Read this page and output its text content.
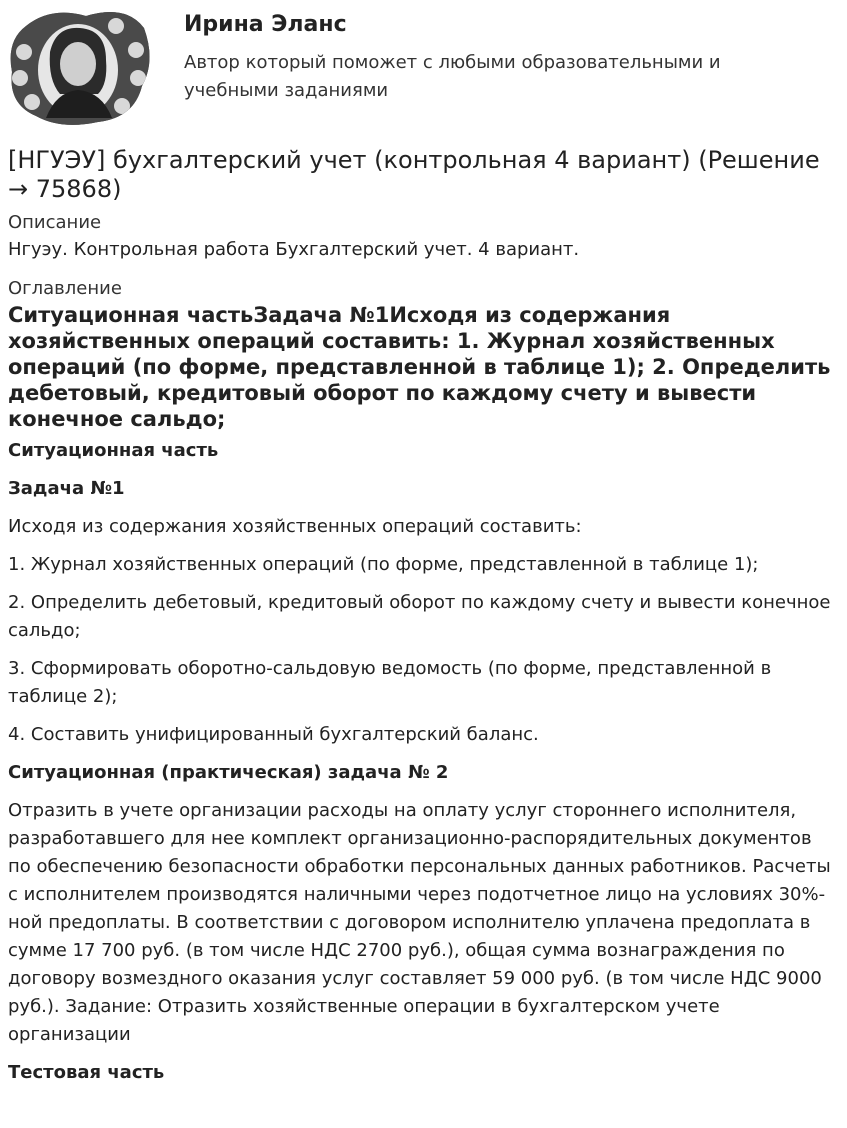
Ирина Эланс
Автор который поможет с любыми образовательными и учебными заданиями
[НГУЭУ] бухгалтерский учет (контрольная 4 вариант) (Решение → 75868)
Описание
Нгуэу. Контрольная работа Бухгалтерский учет. 4 вариант.
Оглавление
Ситуационная частьЗадача №1Исходя из содержания хозяйственных операций составить: 1. Журнал хозяйственных операций (по форме, представленной в таблице 1); 2. Определить дебетовый, кредитовый оборот по каждому счету и вывести конечное сальдо;
Ситуационная часть
Задача №1

Исходя из содержания хозяйственных операций составить:

1. Журнал хозяйственных операций (по форме, представленной в таблице 1);

2. Определить дебетовый, кредитовый оборот по каждому счету и вывести конечное сальдо;

3. Сформировать оборотно-сальдовую ведомость (по форме, представленной в таблице 2);

4. Составить унифицированный бухгалтерский баланс.

Ситуационная (практическая) задача № 2

Отразить в учете организации расходы на оплату услуг стороннего исполнителя, разработавшего для нее комплект организационно-распорядительных документов по обеспечению безопасности обработки персональных данных работников. Расчеты с исполнителем производятся наличными через подотчетное лицо на условиях 30%-ной предоплаты. В соответствии с договором исполнителю уплачена предоплата в сумме 17 700 руб. (в том числе НДС 2700 руб.), общая сумма вознаграждения по договору возмездного оказания услуг составляет 59 000 руб. (в том числе НДС 9000 руб.). Задание: Отразить хозяйственные операции в бухгалтерском учете организации

Тестовая часть
